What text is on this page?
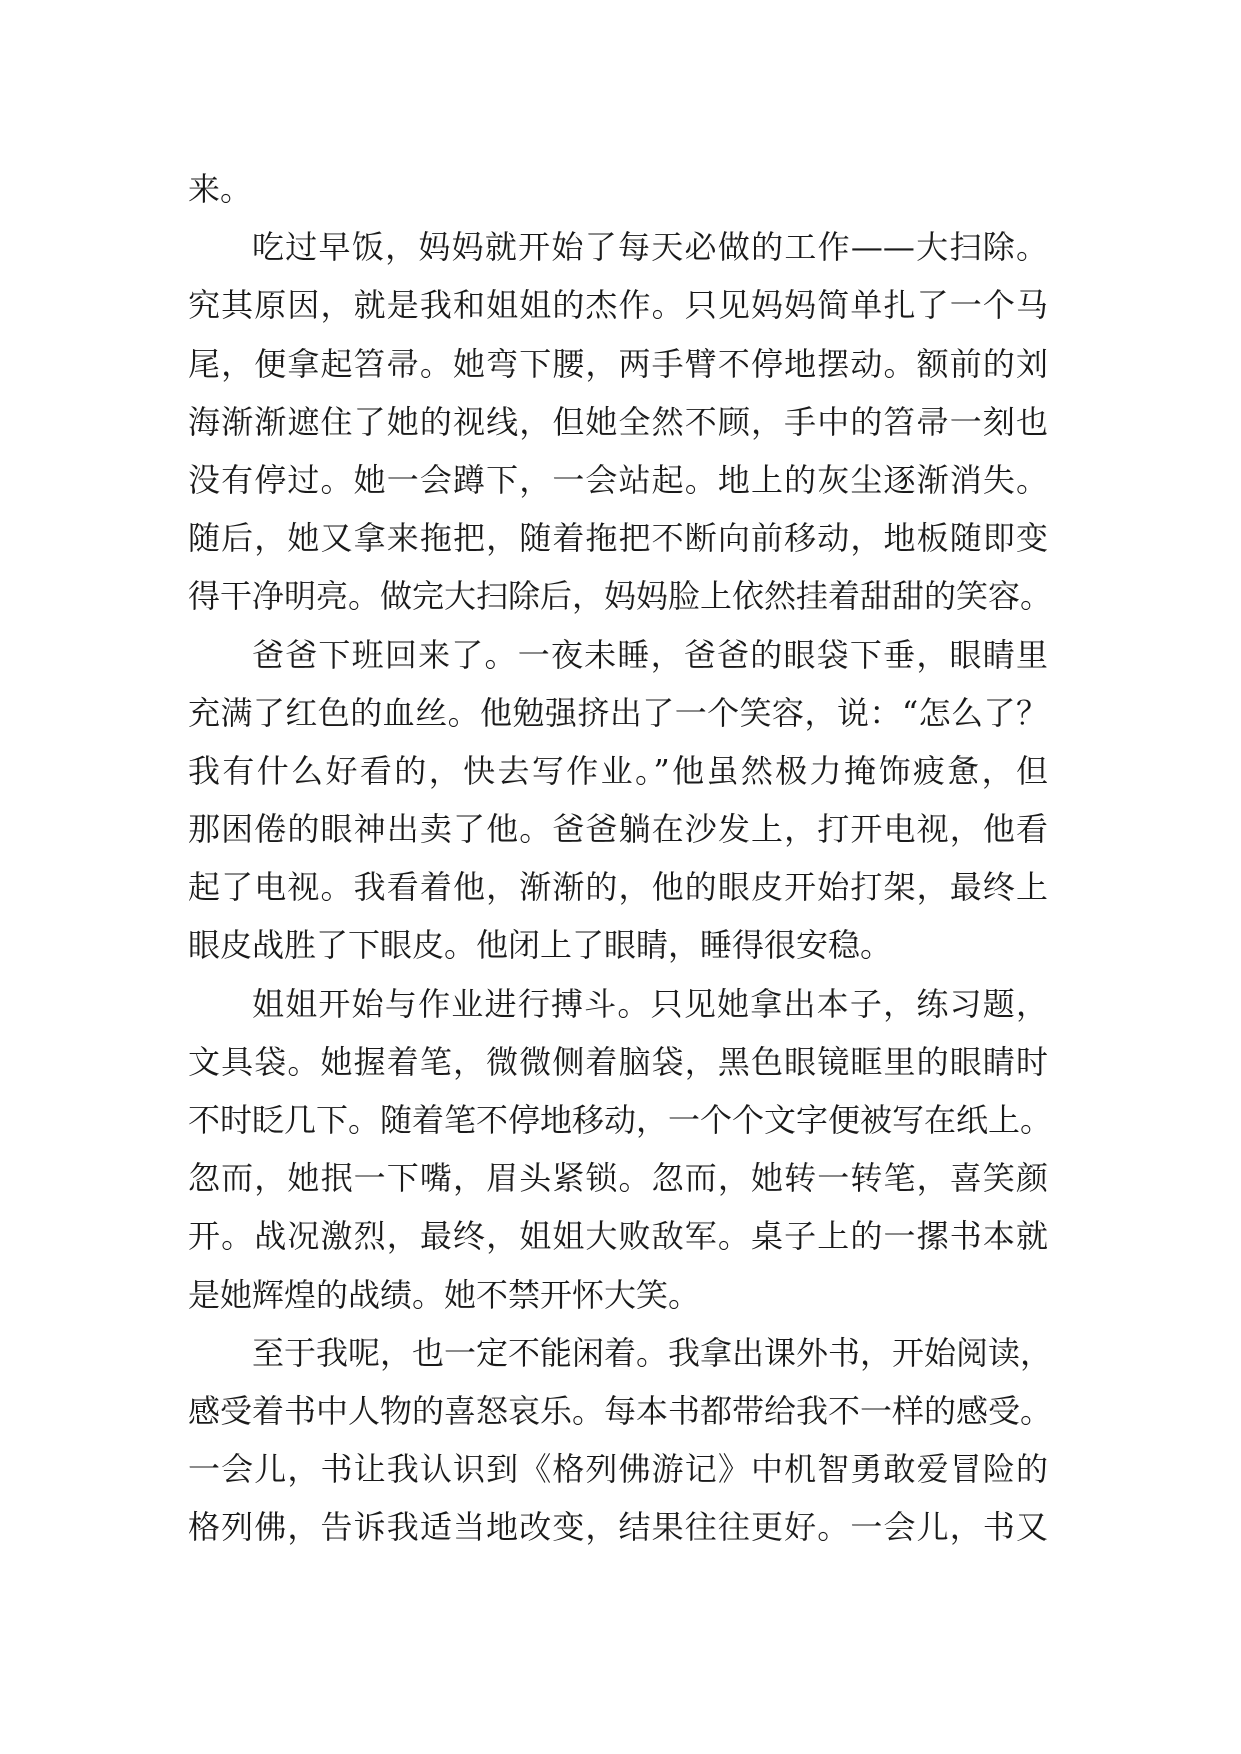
来。
吃过早饭，妈妈就开始了每天必做的工作——大扫除。
究其原因，就是我和姐姐的杰作。只见妈妈简单扎了一个马
尾，便拿起笤帚。她弯下腰，两手臂不停地摆动。额前的刘
海渐渐遮住了她的视线，但她全然不顾，手中的笤帚一刻也
没有停过。她一会蹲下，一会站起。地上的灰尘逐渐消失。
随后，她又拿来拖把，随着拖把不断向前移动，地板随即变
得干净明亮。做完大扫除后，妈妈脸上依然挂着甜甜的笑容。
爸爸下班回来了。一夜未睡，爸爸的眼袋下垂，眼睛里
充满了红色的血丝。他勉强挤出了一个笑容，说：“怎么了？
我有什么好看的，快去写作业。”他虽然极力掩饰疲惫，但
那困倦的眼神出卖了他。爸爸躺在沙发上，打开电视，他看
起了电视。我看着他，渐渐的，他的眼皮开始打架，最终上
眼皮战胜了下眼皮。他闭上了眼睛，睡得很安稳。
姐姐开始与作业进行搏斗。只见她拿出本子，练习题，
文具袋。她握着笔，微微侧着脑袋，黑色眼镜眶里的眼睛时
不时眨几下。随着笔不停地移动，一个个文字便被写在纸上。
忽而，她抿一下嘴，眉头紧锁。忽而，她转一转笔，喜笑颜
开。战况激烈，最终，姐姐大败敌军。桌子上的一摞书本就
是她辉煌的战绩。她不禁开怀大笑。
至于我呢，也一定不能闲着。我拿出课外书，开始阅读，
感受着书中人物的喜怒哀乐。每本书都带给我不一样的感受。
一会儿，书让我认识到《格列佛游记》中机智勇敢爱冒险的
格列佛，告诉我适当地改变，结果往往更好。一会儿，书又
